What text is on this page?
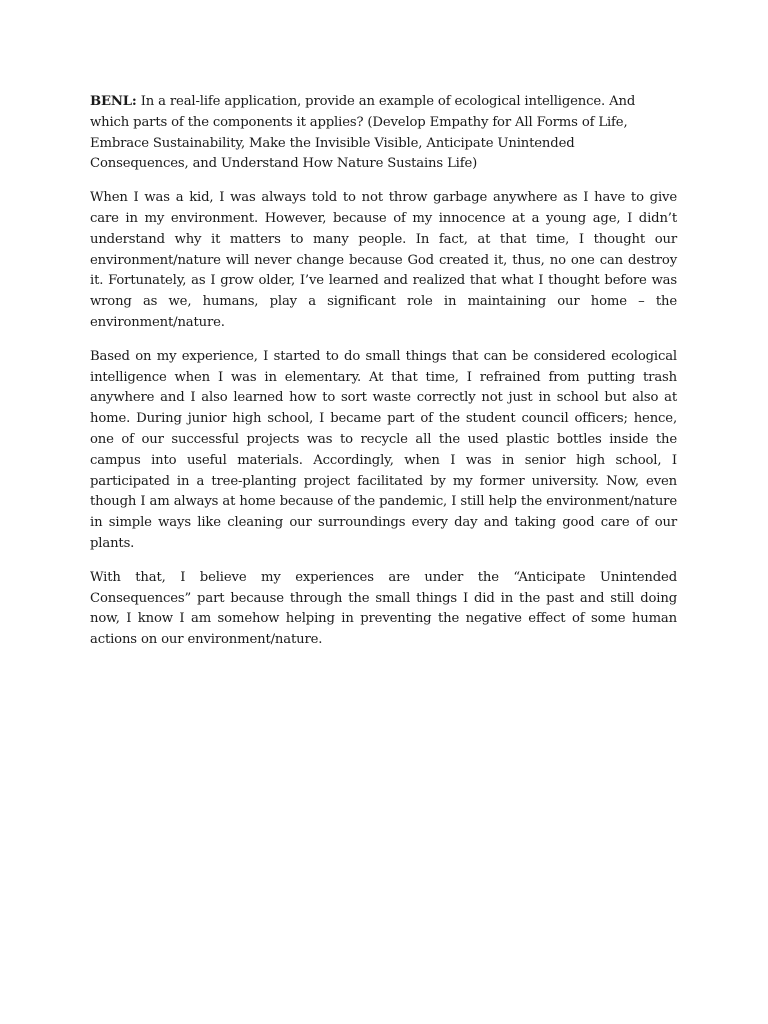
BENL: In a real-life application, provide an example of ecological intelligence. And which parts of the components it applies? (Develop Empathy for All Forms of Life, Embrace Sustainability, Make the Invisible Visible, Anticipate Unintended Consequences, and Understand How Nature Sustains Life)

When I was a kid, I was always told to not throw garbage anywhere as I have to give care in my environment. However, because of my innocence at a young age, I didn’t understand why it matters to many people. In fact, at that time, I thought our environment/nature will never change because God created it, thus, no one can destroy it. Fortunately, as I grow older, I’ve learned and realized that what I thought before was wrong as we, humans, play a significant role in maintaining our home – the environment/nature.

Based on my experience, I started to do small things that can be considered ecological intelligence when I was in elementary. At that time, I refrained from putting trash anywhere and I also learned how to sort waste correctly not just in school but also at home. During junior high school, I became part of the student council officers; hence, one of our successful projects was to recycle all the used plastic bottles inside the campus into useful materials. Accordingly, when I was in senior high school, I participated in a tree-planting project facilitated by my former university. Now, even though I am always at home because of the pandemic, I still help the environment/nature in simple ways like cleaning our surroundings every day and taking good care of our plants.

With that, I believe my experiences are under the “Anticipate Unintended Consequences” part because through the small things I did in the past and still doing now, I know I am somehow helping in preventing the negative effect of some human actions on our environment/nature.
